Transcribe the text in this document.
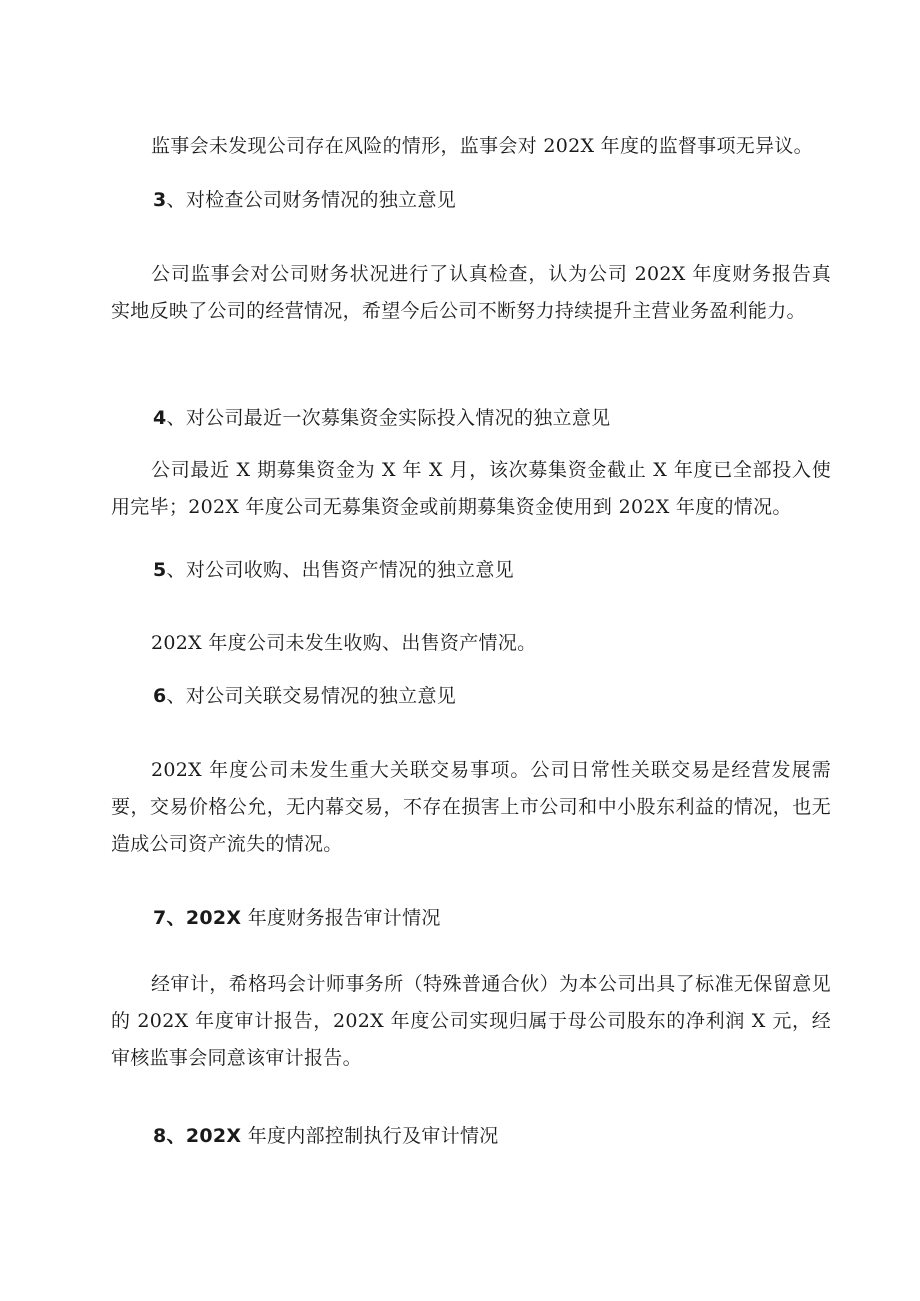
监事会未发现公司存在风险的情形，监事会对 202X 年度的监督事项无异议。
3、对检查公司财务情况的独立意见
公司监事会对公司财务状况进行了认真检查，认为公司 202X 年度财务报告真实地反映了公司的经营情况，希望今后公司不断努力持续提升主营业务盈利能力。
4、对公司最近一次募集资金实际投入情况的独立意见
公司最近 X 期募集资金为 X 年 X 月，该次募集资金截止 X 年度已全部投入使用完毕；202X 年度公司无募集资金或前期募集资金使用到 202X 年度的情况。
5、对公司收购、出售资产情况的独立意见
202X 年度公司未发生收购、出售资产情况。
6、对公司关联交易情况的独立意见
202X 年度公司未发生重大关联交易事项。公司日常性关联交易是经营发展需要，交易价格公允，无内幕交易，不存在损害上市公司和中小股东利益的情况，也无造成公司资产流失的情况。
7、202X 年度财务报告审计情况
经审计，希格玛会计师事务所（特殊普通合伙）为本公司出具了标准无保留意见的 202X 年度审计报告，202X 年度公司实现归属于母公司股东的净利润 X 元，经审核监事会同意该审计报告。
8、202X 年度内部控制执行及审计情况
